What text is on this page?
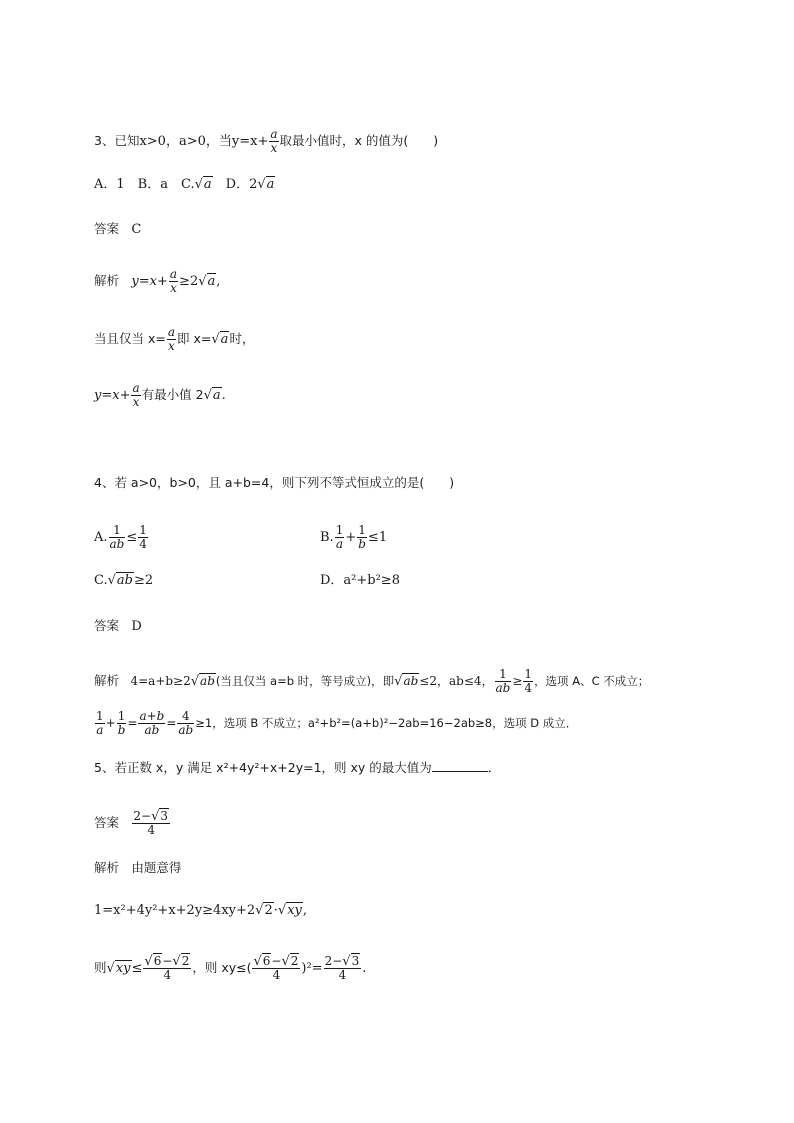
3、已知x>0，a>0，当$y=x+ \frac{a}{x}$ 取最小值时，x 的值为(　　)
A．1　B．a　C.√a　D．2√a
答案 C
解析 $y=x+ \frac{a}{x} \ge 2√a$,
当且仅当 $x= \frac{a}{x}$ 即 x=√a时，
$y=x+ \frac{a}{x}$ 有最小值 2√a.
4、若 a>0，b>0，且 a+b=4，则下列不等式恒成立的是(　　)
A. $\frac{1}{ab} \le \frac{1}{4}$	B. $\frac{1}{a} + \frac{1}{b} \le 1$
C.√ab≥2	D．a²+b²≥8
答案 D
解析 4=a+b≥2√ab(当且仅当 a=b 时，等号成立)，即√ab≤2，ab≤4， $\frac{1}{ab} \ge \frac{1}{4}$ ，选项 A、C 不成立；
$\frac{1}{a} + \frac{1}{b} = \frac{a+b}{ab} = \frac{4}{ab} \ge 1$，选项 B 不成立；a²+b²=(a+b)²−2ab=16−2ab≥8，选项 D 成立．
5、若正数 x，y 满足 x²+4y²+x+2y=1，则 xy 的最大值为	．
答案 $\frac{2-√3}{4}$
解析 由题意得
1=x²+4y²+x+2y≥4xy+2√2·√xy,
则$√xy\le \frac{√6-√2}{4}$ ，则 $xy\le( \frac{√6-√2}{4} )^2= \frac{2-√3}{4}$ .
